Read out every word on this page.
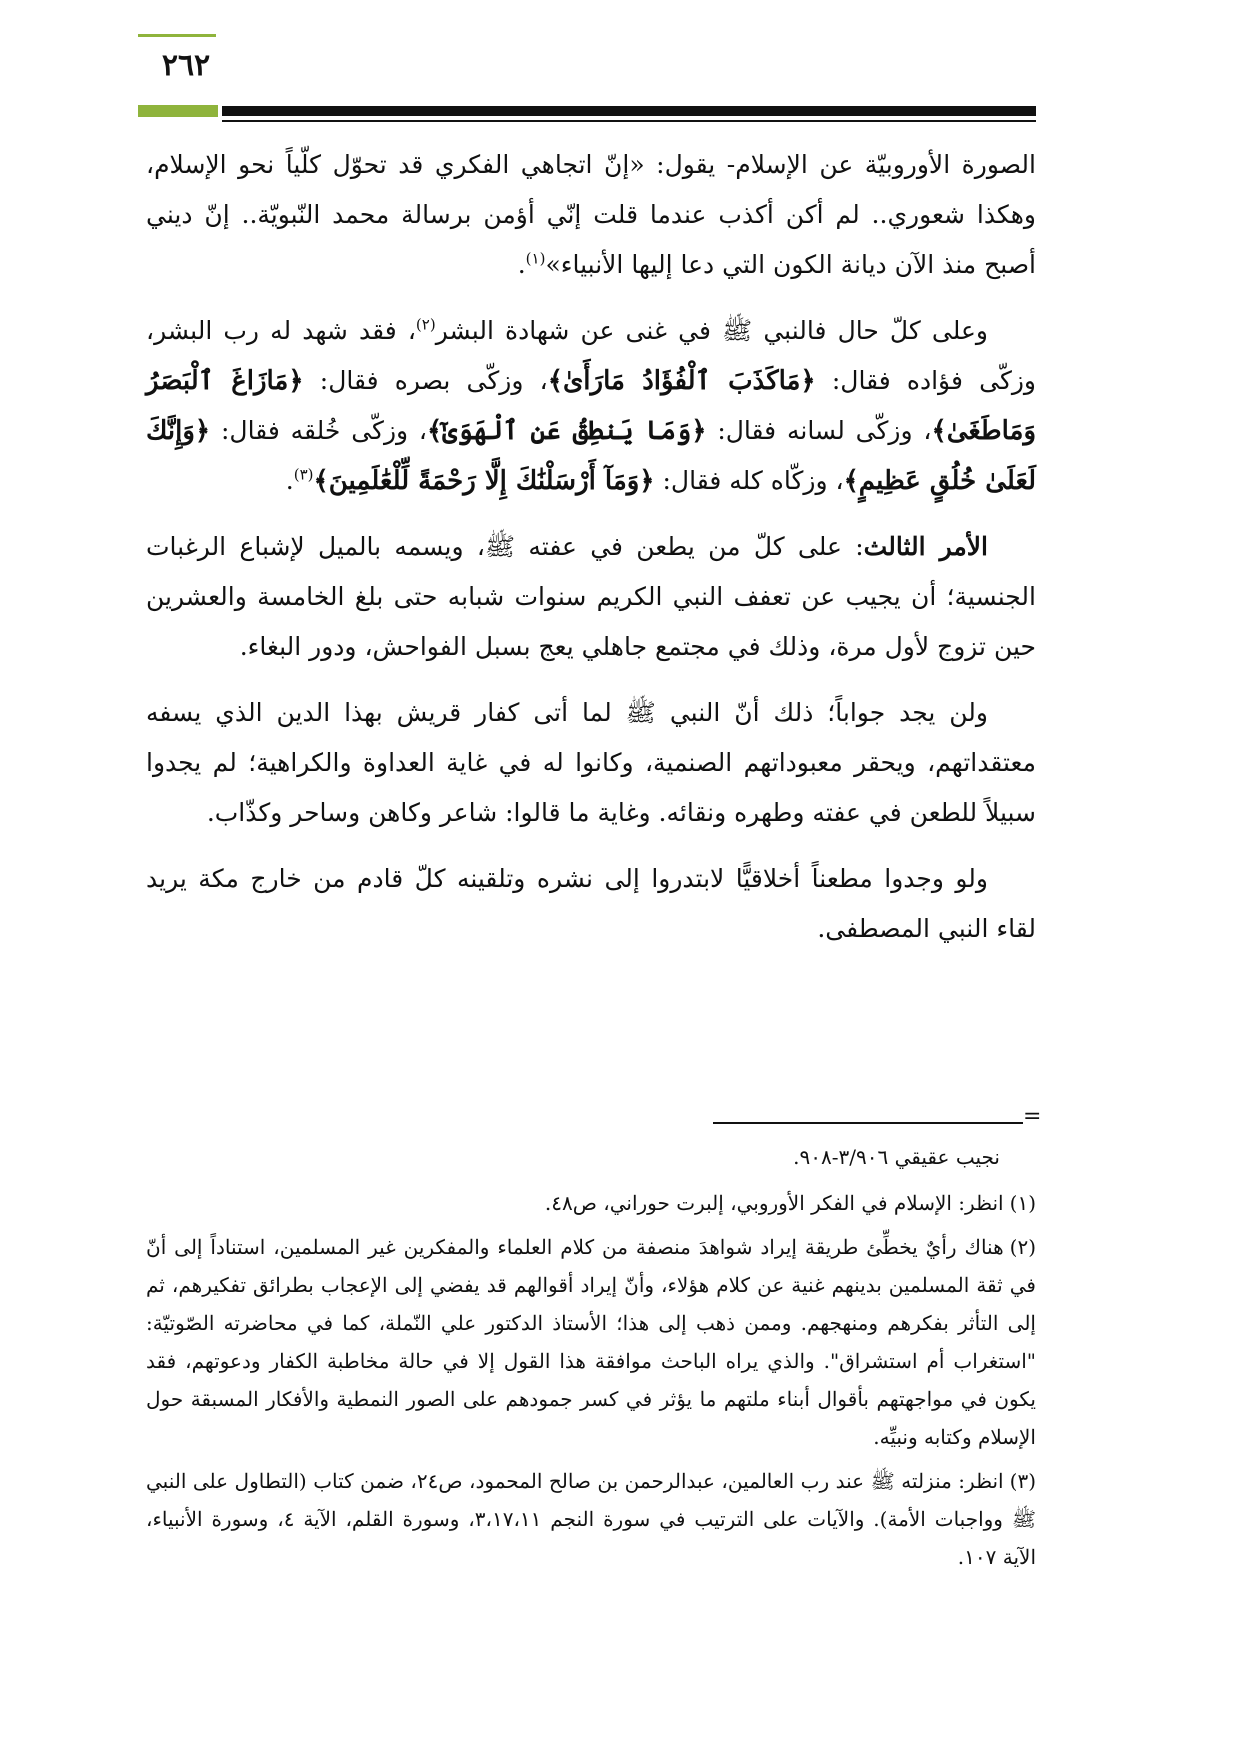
٢٦٢

الصورة الأوروبيّة عن الإسلام- يقول: «إنّ اتجاهي الفكري قد تحوّل كلّياً نحو الإسلام، وهكذا شعوري.. لم أكن أكذب عندما قلت إنّي أؤمن برسالة محمد النّبويّة.. إنّ ديني أصبح منذ الآن ديانة الكون التي دعا إليها الأنبياء»$^{(١)}$.

وعلى كلّ حال فالنبي ﷺ في غنى عن شهادة البشر$^{(٢)}$، فقد شهد له رب البشر، وزكّى فؤاده فقال: ﴿مَاكَذَبَ ٱلْفُؤَادُ مَارَأَىٰ﴾، وزكّى بصره فقال: ﴿مَازَاغَ ٱلْبَصَرُ وَمَاطَغَىٰ﴾، وزكّى لسانه فقال: ﴿وَمَا يَنطِقُ عَنِ ٱلْهَوَىٰٓ﴾، وزكّى خُلقه فقال: ﴿وَإِنَّكَ لَعَلَىٰ خُلُقٍ عَظِيمٍ﴾، وزكّاه كله فقال: ﴿وَمَآ أَرْسَلْنَٰكَ إِلَّا رَحْمَةً لِّلْعَٰلَمِينَ﴾$^{(٣)}$.

الأمر الثالث: على كلّ من يطعن في عفته ﷺ، ويسمه بالميل لإشباع الرغبات الجنسية؛ أن يجيب عن تعفف النبي الكريم سنوات شبابه حتى بلغ الخامسة والعشرين حين تزوج لأول مرة، وذلك في مجتمع جاهلي يعج بسبل الفواحش، ودور البغاء.

ولن يجد جواباً؛ ذلك أنّ النبي ﷺ لما أتى كفار قريش بهذا الدين الذي يسفه معتقداتهم، ويحقر معبوداتهم الصنمية، وكانوا له في غاية العداوة والكراهية؛ لم يجدوا سبيلاً للطعن في عفته وطهره ونقائه. وغاية ما قالوا: شاعر وكاهن وساحر وكذّاب.

ولو وجدوا مطعناً أخلاقيًّا لابتدروا إلى نشره وتلقينه كلّ قادم من خارج مكة يريد لقاء النبي المصطفى.

=
نجيب عقيقي ٣/٩٠٦-٩٠٨.
(١)انظر: الإسلام في الفكر الأوروبي، إلبرت حوراني، ص٤٨.
(٢)هناك رأيٌ يخطِّئ طريقة إيراد شواهدَ منصفة من كلام العلماء والمفكرين غير المسلمين، استناداً إلى أنّ في ثقة المسلمين بدينهم غنية عن كلام هؤلاء، وأنّ إيراد أقوالهم قد يفضي إلى الإعجاب بطرائق تفكيرهم، ثم إلى التأثر بفكرهم ومنهجهم. وممن ذهب إلى هذا؛ الأستاذ الدكتور علي النّملة، كما في محاضرته الصّوتيّة: "استغراب أم استشراق". والذي يراه الباحث موافقة هذا القول إلا في حالة مخاطبة الكفار ودعوتهم، فقد يكون في مواجهتهم بأقوال أبناء ملتهم ما يؤثر في كسر جمودهم على الصور النمطية والأفكار المسبقة حول الإسلام وكتابه ونبيِّه.
(٣)انظر: منزلته ﷺ عند رب العالمين، عبدالرحمن بن صالح المحمود، ص٢٤، ضمن كتاب (التطاول على النبي ﷺ وواجبات الأمة). والآيات على الترتيب في سورة النجم ٣،١٧،١١، وسورة القلم، الآية ٤، وسورة الأنبياء، الآية ١٠٧.
